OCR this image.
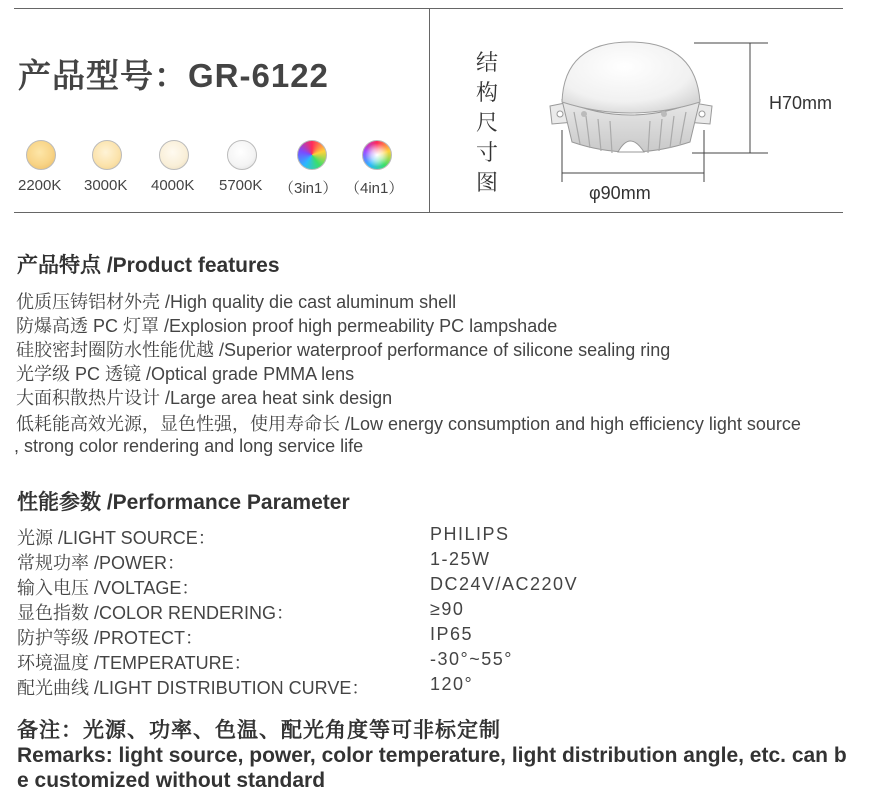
产品型号：GR-6122
2200K 3000K 4000K 5700K （3in1） （4in1）
结构尺寸图
H70mm
φ90mm
产品特点 /Product features
优质压铸铝材外壳 /High quality die cast aluminum shell
防爆高透 PC 灯罩 /Explosion proof high permeability PC lampshade
硅胶密封圈防水性能优越 /Superior waterproof performance of silicone sealing ring
光学级 PC 透镜 /Optical grade PMMA lens
大面积散热片设计 /Large area heat sink design
低耗能高效光源，显色性强，使用寿命长 /Low energy consumption and high efficiency light source
, strong color rendering and long service life
性能参数 /Performance Parameter
光源 /LIGHT SOURCE：	PHILIPS
常规功率 /POWER：	1-25W
输入电压 /VOLTAGE：	DC24V/AC220V
显色指数 /COLOR RENDERING：	≥90
防护等级 /PROTECT：	IP65
环境温度 /TEMPERATURE：	-30°~55°
配光曲线 /LIGHT DISTRIBUTION CURVE：	120°
备注：光源、功率、色温、配光角度等可非标定制
Remarks: light source, power, color temperature, light distribution angle, etc. can be customized without standard
